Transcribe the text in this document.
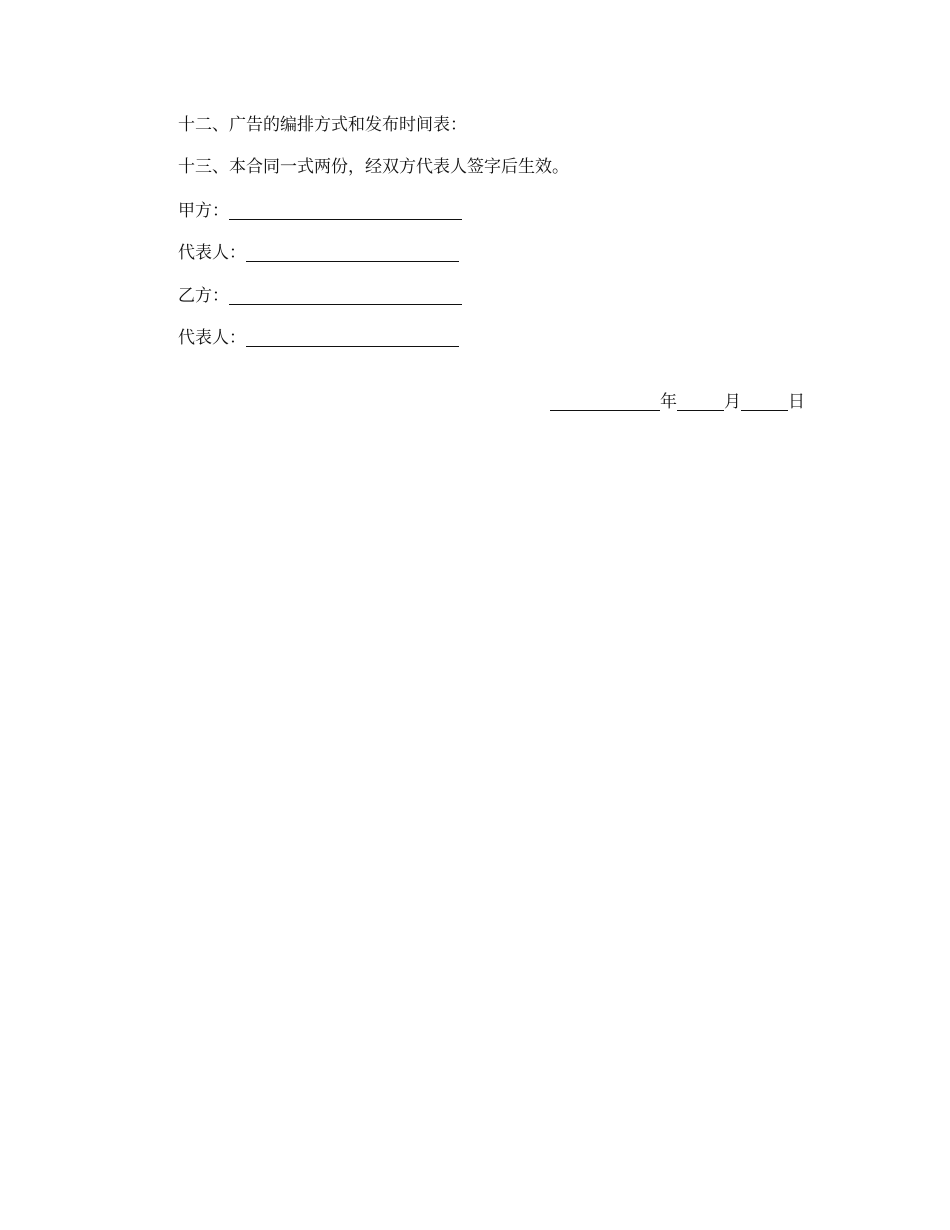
十二、广告的编排方式和发布时间表：
十三、本合同一式两份，经双方代表人签字后生效。
甲方：
代表人：
乙方：
代表人：
年	月	日
